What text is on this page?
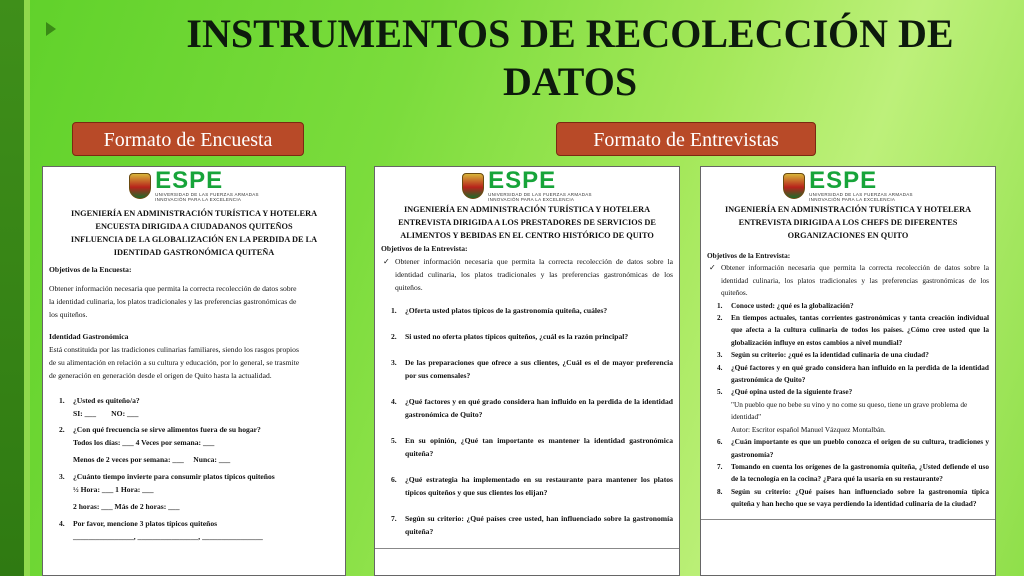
INSTRUMENTOS DE RECOLECCIÓN DE DATOS
Formato de Encuesta	Formato de Entrevistas
ESPE
UNIVERSIDAD DE LAS FUERZAS ARMADAS
INNOVACIÓN PARA LA EXCELENCIA
INGENIERÍA EN ADMINISTRACIÓN TURÍSTICA Y HOTELERA
ENCUESTA DIRIGIDA A CIUDADANOS QUITEÑOS
INFLUENCIA DE LA GLOBALIZACIÓN EN LA PERDIDA DE LA
IDENTIDAD GASTRONÓMICA QUITEÑA
Objetivos de la Encuesta:
Obtener información necesaria que permita la correcta recolección de datos sobre
la identidad culinaria, los platos tradicionales y las preferencias gastronómicas de
los quiteños.
Identidad Gastronómica
Está constituida por las tradiciones culinarias familiares, siendo los rasgos propios
de su alimentación en relación a su cultura y educación, por lo general, se trasmite
de generación en generación desde el origen de Quito hasta la actualidad.
1. ¿Usted es quiteño/a?
SI: ___        NO: ___
2. ¿Con qué frecuencia se sirve alimentos fuera de su hogar?
Todos los días: ___ 4 Veces por semana: ___
Menos de 2 veces por semana: ___     Nunca: ___
3. ¿Cuánto tiempo invierte para consumir platos típicos quiteños
½ Hora: ___ 1 Hora: ___
2 horas: ___ Más de 2 horas: ___
4. Por favor, mencione 3 platos típicos quiteños
________________, ________________, ________________
ESPE
UNIVERSIDAD DE LAS FUERZAS ARMADAS
INNOVACIÓN PARA LA EXCELENCIA
INGENIERÍA EN ADMINISTRACIÓN TURÍSTICA Y HOTELERA
ENTREVISTA DIRIGIDA A LOS PRESTADORES DE SERVICIOS DE
ALIMENTOS Y BEBIDAS EN EL CENTRO HISTÓRICO DE QUITO
Objetivos de la Entrevista:
✓ Obtener información necesaria que permita la correcta recolección de datos sobre la identidad culinaria, los platos tradicionales y las preferencias gastronómicas de los quiteños.
1. ¿Oferta usted platos típicos de la gastronomía quiteña, cuáles?
2. Si usted no oferta platos típicos quiteños, ¿cuál es la razón principal?
3. De las preparaciones que ofrece a sus clientes, ¿Cuál es el de mayor preferencia por sus comensales?
4. ¿Qué factores y en qué grado considera han influido en la perdida de la identidad gastronómica de Quito?
5. En su opinión, ¿Qué tan importante es mantener la identidad gastronómica quiteña?
6. ¿Qué estrategia ha implementado en su restaurante para mantener los platos típicos quiteños y que sus clientes los elijan?
7. Según su criterio: ¿Qué países cree usted, han influenciado sobre la gastronomía quiteña?
ESPE
UNIVERSIDAD DE LAS FUERZAS ARMADAS
INNOVACIÓN PARA LA EXCELENCIA
INGENIERÍA EN ADMINISTRACIÓN TURÍSTICA Y HOTELERA
ENTREVISTA DIRIGIDA A LOS CHEFS DE DIFERENTES
ORGANIZACIONES EN QUITO
Objetivos de la Entrevista:
✓ Obtener información necesaria que permita la correcta recolección de datos sobre la identidad culinaria, los platos tradicionales y las preferencias gastronómicas de los quiteños.
1. Conoce usted: ¿qué es la globalización?
2. En tiempos actuales, tantas corrientes gastronómicas y tanta creación individual que afecta a la cultura culinaria de todos los países. ¿Cómo cree usted que la globalización influye en estos cambios a nivel mundial?
3. Según su criterio: ¿qué es la identidad culinaria de una ciudad?
4. ¿Qué factores y en qué grado considera han influido en la perdida de la identidad gastronómica de Quito?
5. ¿Qué opina usted de la siguiente frase?
"Un pueblo que no bebe su vino y no come su queso, tiene un grave problema de identidad"
Autor: Escritor español Manuel Vázquez Montalbán.
6. ¿Cuán importante es que un pueblo conozca el origen de su cultura, tradiciones y gastronomía?
7. Tomando en cuenta los orígenes de la gastronomía quiteña, ¿Usted defiende el uso de la tecnología en la cocina? ¿Para qué la usaría en su restaurante?
8. Según su criterio: ¿Qué países han influenciado sobre la gastronomía típica quiteña y han hecho que se vaya perdiendo la identidad culinaria de la ciudad?
